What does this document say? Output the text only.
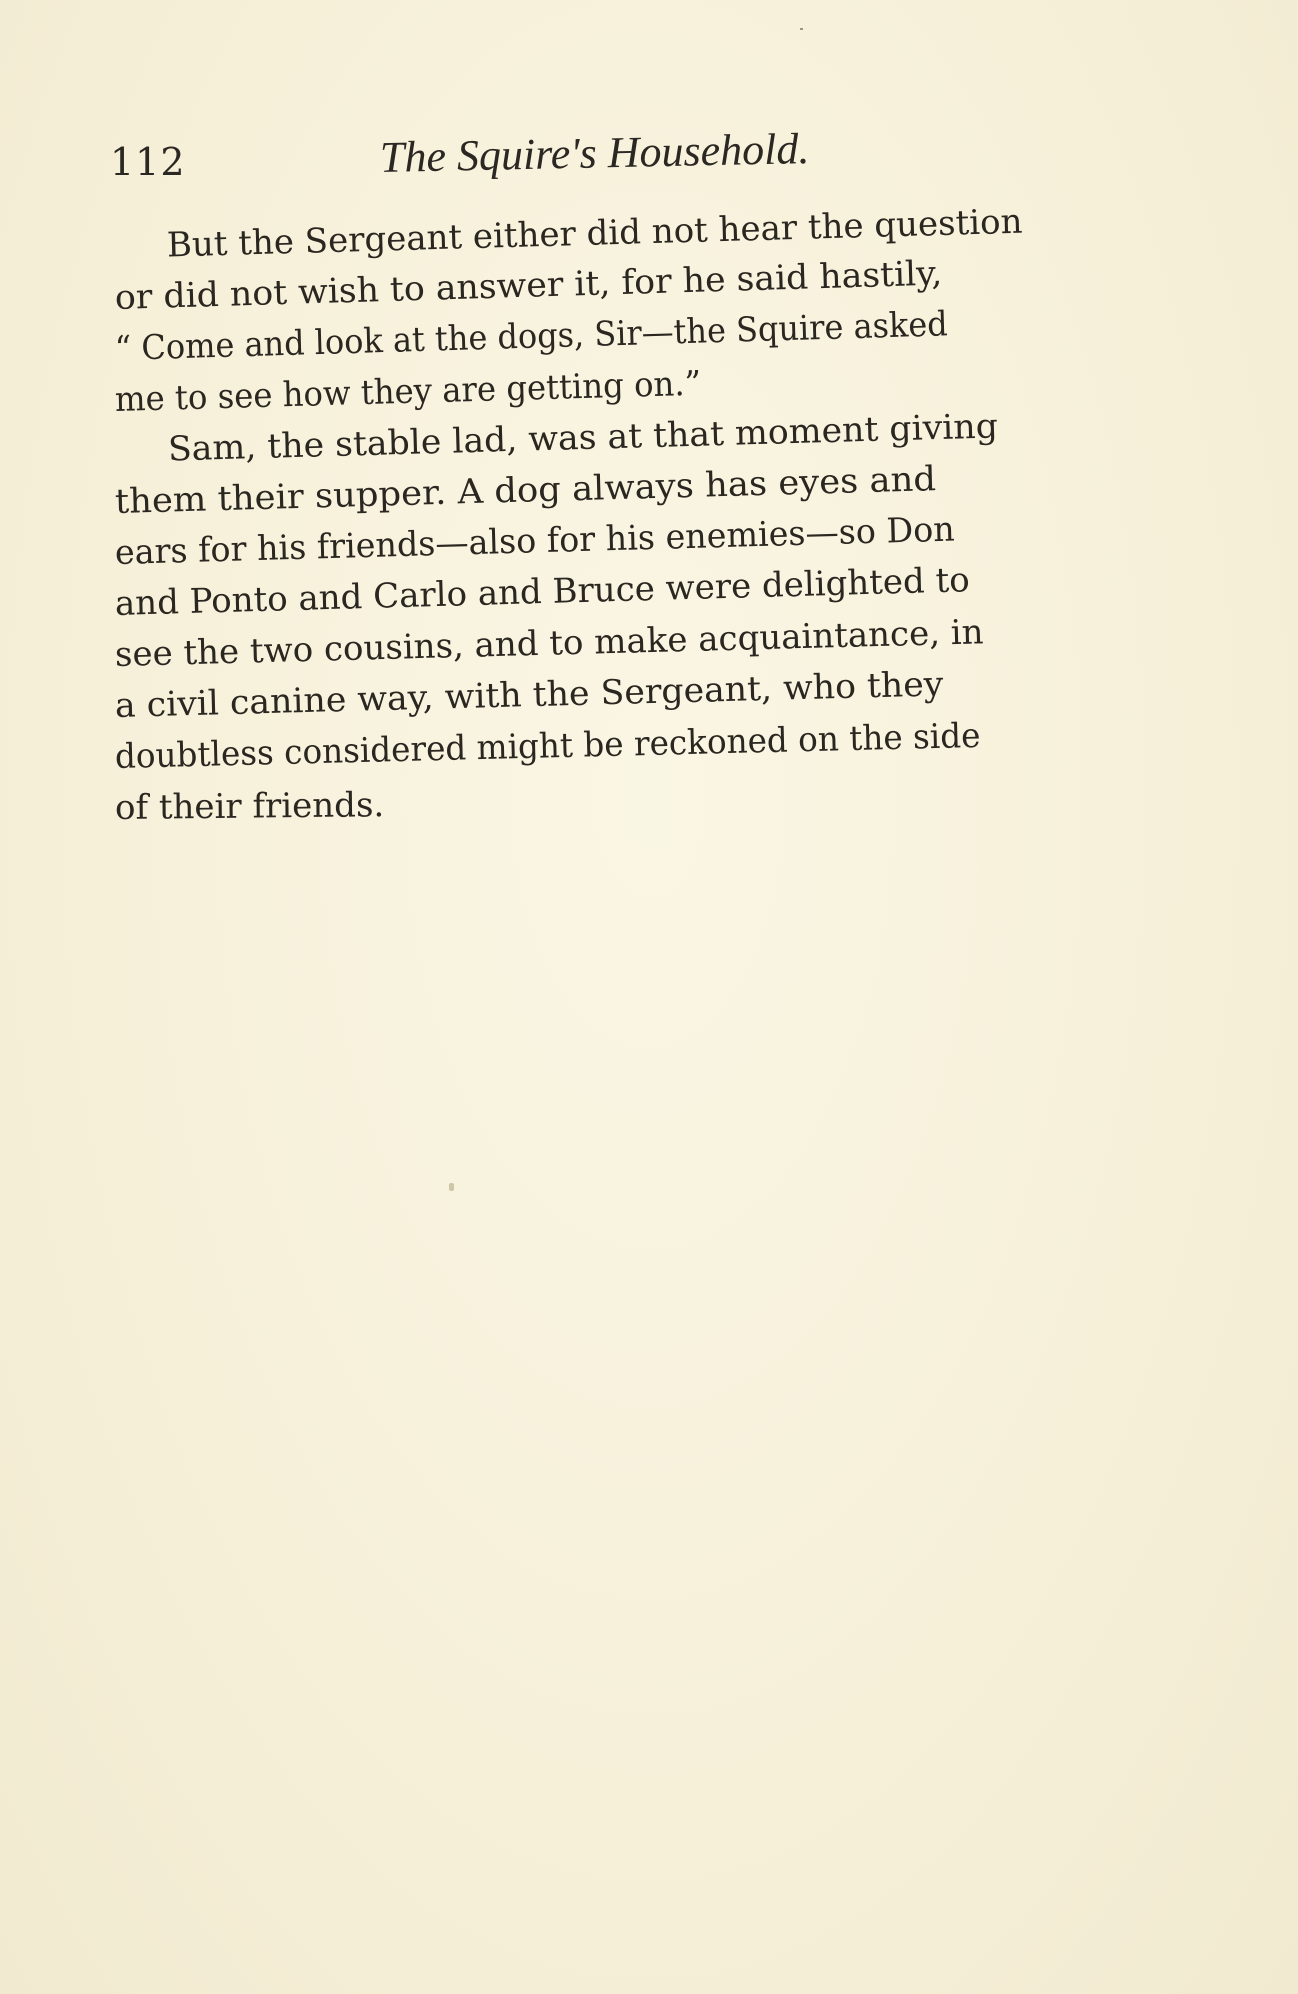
112	The Squire's Household.
But the Sergeant either did not hear the question
or did not wish to answer it, for he said hastily,
“ Come and look at the dogs, Sir—the Squire asked
me to see how they are getting on.”
Sam, the stable lad, was at that moment giving
them their supper. A dog always has eyes and
ears for his friends—also for his enemies—so Don
and Ponto and Carlo and Bruce were delighted to
see the two cousins, and to make acquaintance, in
a civil canine way, with the Sergeant, who they
doubtless considered might be reckoned on the side
of their friends.
